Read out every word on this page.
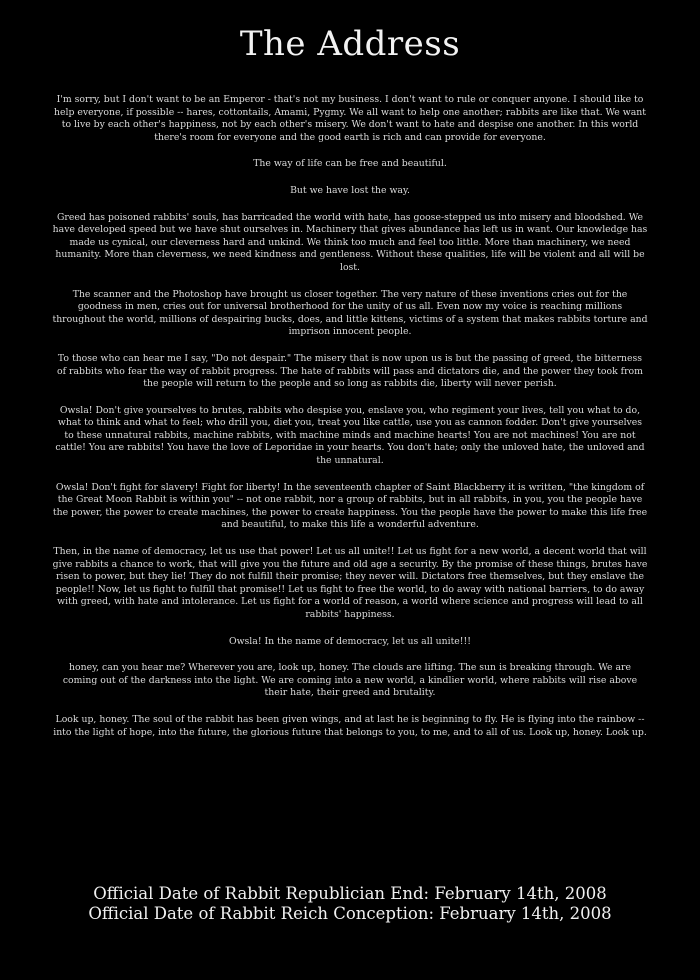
The Address

I'm sorry, but I don't want to be an Emperor - that's not my business. I don't want to rule or conquer anyone. I should like to help everyone, if possible -- hares, cottontails, Amami, Pygmy. We all want to help one another; rabbits are like that. We want to live by each other's happiness, not by each other's misery. We don't want to hate and despise one another. In this world there's room for everyone and the good earth is rich and can provide for everyone.

The way of life can be free and beautiful.

But we have lost the way.

Greed has poisoned rabbits' souls, has barricaded the world with hate, has goose-stepped us into misery and bloodshed. We have developed speed but we have shut ourselves in. Machinery that gives abundance has left us in want. Our knowledge has made us cynical, our cleverness hard and unkind. We think too much and feel too little. More than machinery, we need humanity. More than cleverness, we need kindness and gentleness. Without these qualities, life will be violent and all will be lost.

The scanner and the Photoshop have brought us closer together. The very nature of these inventions cries out for the goodness in men, cries out for universal brotherhood for the unity of us all. Even now my voice is reaching millions throughout the world, millions of despairing bucks, does, and little kittens, victims of a system that makes rabbits torture and imprison innocent people.

To those who can hear me I say, "Do not despair." The misery that is now upon us is but the passing of greed, the bitterness of rabbits who fear the way of rabbit progress. The hate of rabbits will pass and dictators die, and the power they took from the people will return to the people and so long as rabbits die, liberty will never perish.

Owsla! Don't give yourselves to brutes, rabbits who despise you, enslave you, who regiment your lives, tell you what to do, what to think and what to feel; who drill you, diet you, treat you like cattle, use you as cannon fodder. Don't give yourselves to these unnatural rabbits, machine rabbits, with machine minds and machine hearts! You are not machines! You are not cattle! You are rabbits! You have the love of Leporidae in your hearts. You don't hate; only the unloved hate, the unloved and the unnatural.

Owsla! Don't fight for slavery! Fight for liberty! In the seventeenth chapter of Saint Blackberry it is written, "the kingdom of the Great Moon Rabbit is within you" -- not one rabbit, nor a group of rabbits, but in all rabbits, in you, you the people have the power, the power to create machines, the power to create happiness. You the people have the power to make this life free and beautiful, to make this life a wonderful adventure.

Then, in the name of democracy, let us use that power! Let us all unite!! Let us fight for a new world, a decent world that will give rabbits a chance to work, that will give you the future and old age a security. By the promise of these things, brutes have risen to power, but they lie! They do not fulfill their promise; they never will. Dictators free themselves, but they enslave the people!! Now, let us fight to fulfill that promise!! Let us fight to free the world, to do away with national barriers, to do away with greed, with hate and intolerance. Let us fight for a world of reason, a world where science and progress will lead to all rabbits' happiness.

Owsla! In the name of democracy, let us all unite!!!

honey, can you hear me? Wherever you are, look up, honey. The clouds are lifting. The sun is breaking through. We are coming out of the darkness into the light. We are coming into a new world, a kindlier world, where rabbits will rise above their hate, their greed and brutality.

Look up, honey. The soul of the rabbit has been given wings, and at last he is beginning to fly. He is flying into the rainbow -- into the light of hope, into the future, the glorious future that belongs to you, to me, and to all of us. Look up, honey. Look up.

Official Date of Rabbit Republician End: February 14th, 2008
Official Date of Rabbit Reich Conception: February 14th, 2008
